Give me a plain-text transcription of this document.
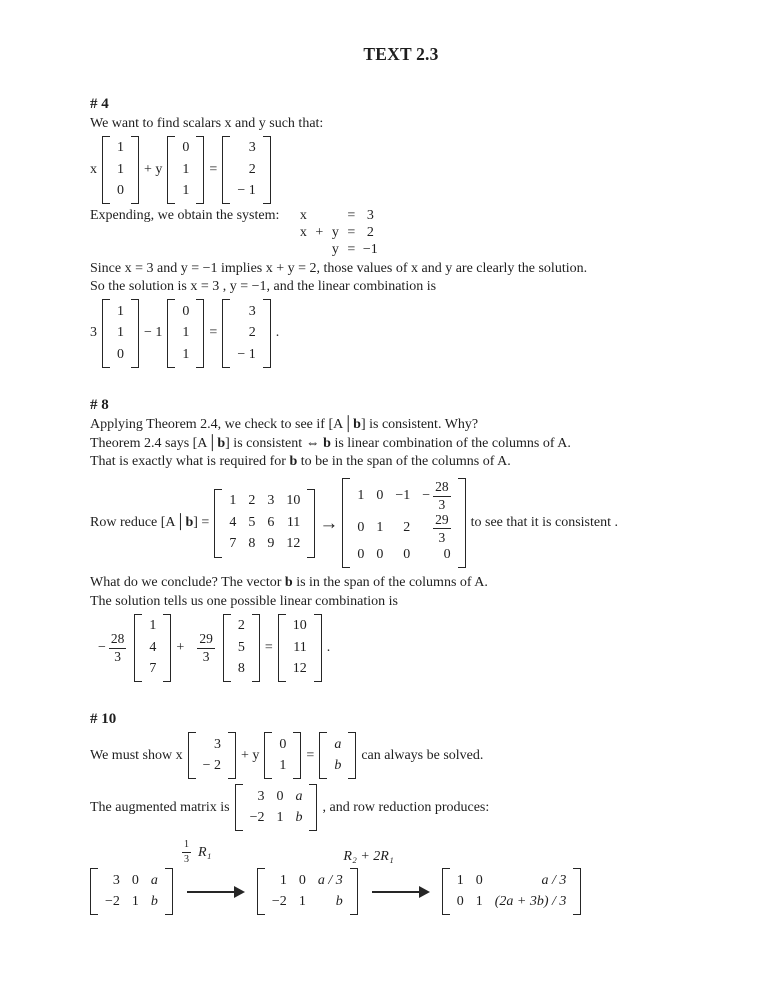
TEXT 2.3
# 4

We want to find scalars x and y such that:

x
1
1
0
+ y
0
1
1
=
3
2
− 1

Expending, we obtain the system:	x	= 3
x + y = 2
y = −1

Since x = 3 and y = −1 implies x + y = 2, those values of x and y are clearly the solution.

So the solution is x = 3 , y = −1, and the linear combination is

3
1
1
0
− 1
0
1
1
=
3
2
− 1
.
# 8

Applying Theorem 2.4, we check to see if [A│b] is consistent. Why?

Theorem 2.4 says [A│b] is consistent ⇔ b is linear combination of the columns of A.

That is exactly what is required for b to be in the span of the columns of A.

Row reduce [A│b] =
1 2 3 10
4 5 6 11
7 8 9 12
→
1 $0 -1 - \frac{28}{3}$
0 1	2	$\frac{29}{3}$
0 0	0	0
to see that it is consistent .

What do we conclude? The vector b is in the span of the columns of A.

The solution tells us one possible linear combination is

− $\frac{28}{3}$
1
4
7
+ $\frac{29}{3}$
2
5
8
=
10
11
12
.
# 10
We must show x
3
− 2
+ y
0
1
=
a
b
can always be solved.
The augmented matrix is
3 0 a
−2 1 b
, and row reduction produces:
$\frac{1}{3} R_1$	R₂ + 2R₁
3 0 a
−2 1 b
1 0 a / 3
−2 1	b
1 0	a / 3
0 1 (2a + 3b) / 3
